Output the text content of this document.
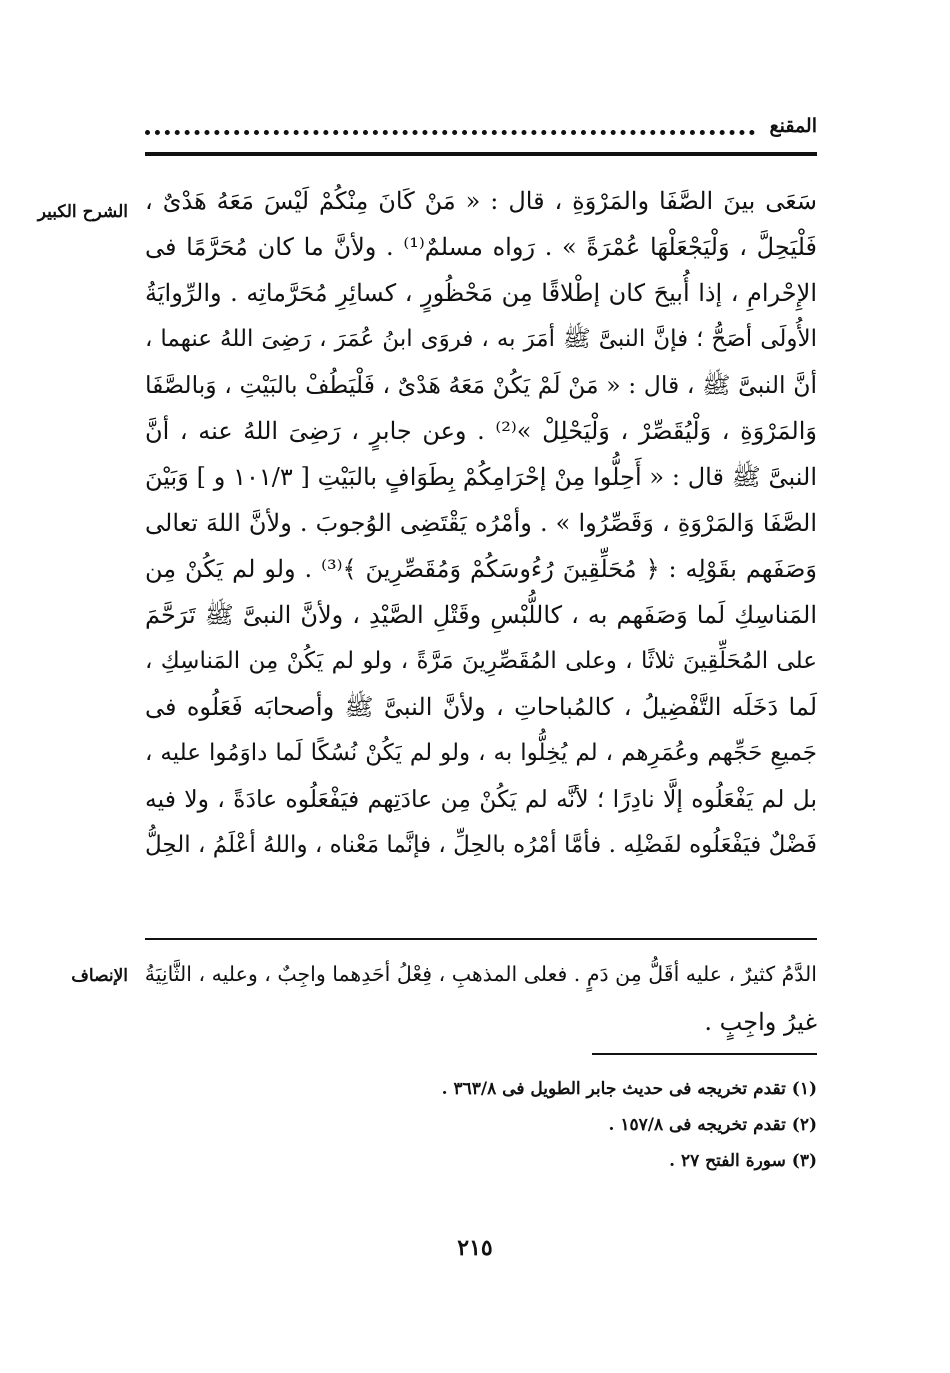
المقنع
الشرح الكبير سَعَى بينَ الصَّفَا والمَرْوَةِ ، قال : « مَنْ كَانَ مِنْكُمْ لَيْسَ مَعَهُ هَدْىٌ ،
فَلْيَحِلَّ ، وَلْيَجْعَلْهَا عُمْرَةً » . رَواه مسلمٌ⁽¹⁾ . ولأنَّ ما كان مُحَرَّمًا فى
الإِحْرامِ ، إذا أُبيحَ كان إطْلاقًا مِن مَحْظُورٍ ، كسائِرِ مُحَرَّماتِه . والرِّوايَةُ
الأُولَى أصَحُّ ؛ فإنَّ النبىَّ ﷺ أمَرَ به ، فروَى ابنُ عُمَرَ ، رَضِىَ اللهُ عنهما ،
أنَّ النبىَّ ﷺ ، قال : « مَنْ لَمْ يَكُنْ مَعَهُ هَدْىٌ ، فَلْيَطُفْ بالبَيْتِ ، وَبالصَّفَا
وَالمَرْوَةِ ، وَلْيُقَصِّرْ ، وَلْيَحْلِلْ »⁽²⁾ . وعن جابرٍ ، رَضِىَ اللهُ عنه ، أنَّ
النبىَّ ﷺ قال : « أَحِلُّوا مِنْ إحْرَامِكُمْ بِطَوَافٍ بالبَيْتِ [ ١٠١/٣ و ] وَبَيْنَ
الصَّفَا وَالمَرْوَةِ ، وَقَصِّرُوا » . وأمْرُه يَقْتَضِى الوُجوبَ . ولأنَّ اللهَ تعالى
وَصَفَهم بقَوْلِه : ﴿ مُحَلِّقِينَ رُءُوسَكُمْ وَمُقَصِّرِينَ ﴾⁽³⁾ . ولو لم يَكُنْ مِن
المَناسِكِ لَما وَصَفَهم به ، كاللُّبْسِ وقَتْلِ الصَّيْدِ ، ولأنَّ النبىَّ ﷺ تَرَحَّمَ
على المُحَلِّقِينَ ثلاثًا ، وعلى المُقَصِّرِينَ مَرَّةً ، ولو لم يَكُنْ مِن المَناسِكِ ،
لَما دَخَلَه التَّفْضِيلُ ، كالمُباحاتِ ، ولأنَّ النبىَّ ﷺ وأصحابَه فَعَلُوه فى
جَميعِ حَجِّهم وعُمَرِهم ، لم يُخِلُّوا به ، ولو لم يَكُنْ نُسُكًا لَما داوَمُوا عليه ،
بل لم يَفْعَلُوه إلَّا نادِرًا ؛ لأنَّه لم يَكُنْ مِن عادَتِهم فيَفْعَلُوه عادَةً ، ولا فيه
فَضْلٌ فيَفْعَلُوه لفَضْلِه . فأمَّا أمْرُه بالحِلِّ ، فإنَّما مَعْناه ، واللهُ أعْلَمُ ، الحِلُّ
الإنصاف الدَّمُ كثيرٌ ، عليه أقَلُّ مِن دَمٍ . فعلى المذهبِ ، فِعْلُ أحَدِهما واجِبٌ ، وعليه ، الثَّانِيَةُ
غيرُ واجِبٍ .
(١) تقدم تخريجه فى حديث جابر الطويل فى ٣٦٣/٨ .
(٢) تقدم تخريجه فى ١٥٧/٨ .
(٣) سورة الفتح ٢٧ .
٢١٥
